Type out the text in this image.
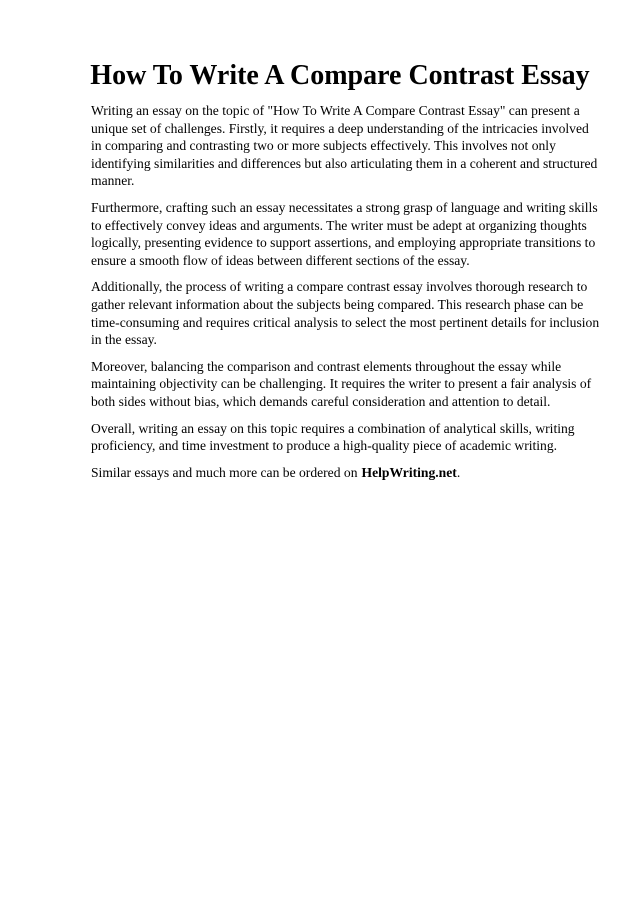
How To Write A Compare Contrast Essay

Writing an essay on the topic of "How To Write A Compare Contrast Essay" can present a unique set of challenges. Firstly, it requires a deep understanding of the intricacies involved in comparing and contrasting two or more subjects effectively. This involves not only identifying similarities and differences but also articulating them in a coherent and structured manner.

Furthermore, crafting such an essay necessitates a strong grasp of language and writing skills to effectively convey ideas and arguments. The writer must be adept at organizing thoughts logically, presenting evidence to support assertions, and employing appropriate transitions to ensure a smooth flow of ideas between different sections of the essay.

Additionally, the process of writing a compare contrast essay involves thorough research to gather relevant information about the subjects being compared. This research phase can be time-consuming and requires critical analysis to select the most pertinent details for inclusion in the essay.

Moreover, balancing the comparison and contrast elements throughout the essay while maintaining objectivity can be challenging. It requires the writer to present a fair analysis of both sides without bias, which demands careful consideration and attention to detail.

Overall, writing an essay on this topic requires a combination of analytical skills, writing proficiency, and time investment to produce a high-quality piece of academic writing.

Similar essays and much more can be ordered on HelpWriting.net.
